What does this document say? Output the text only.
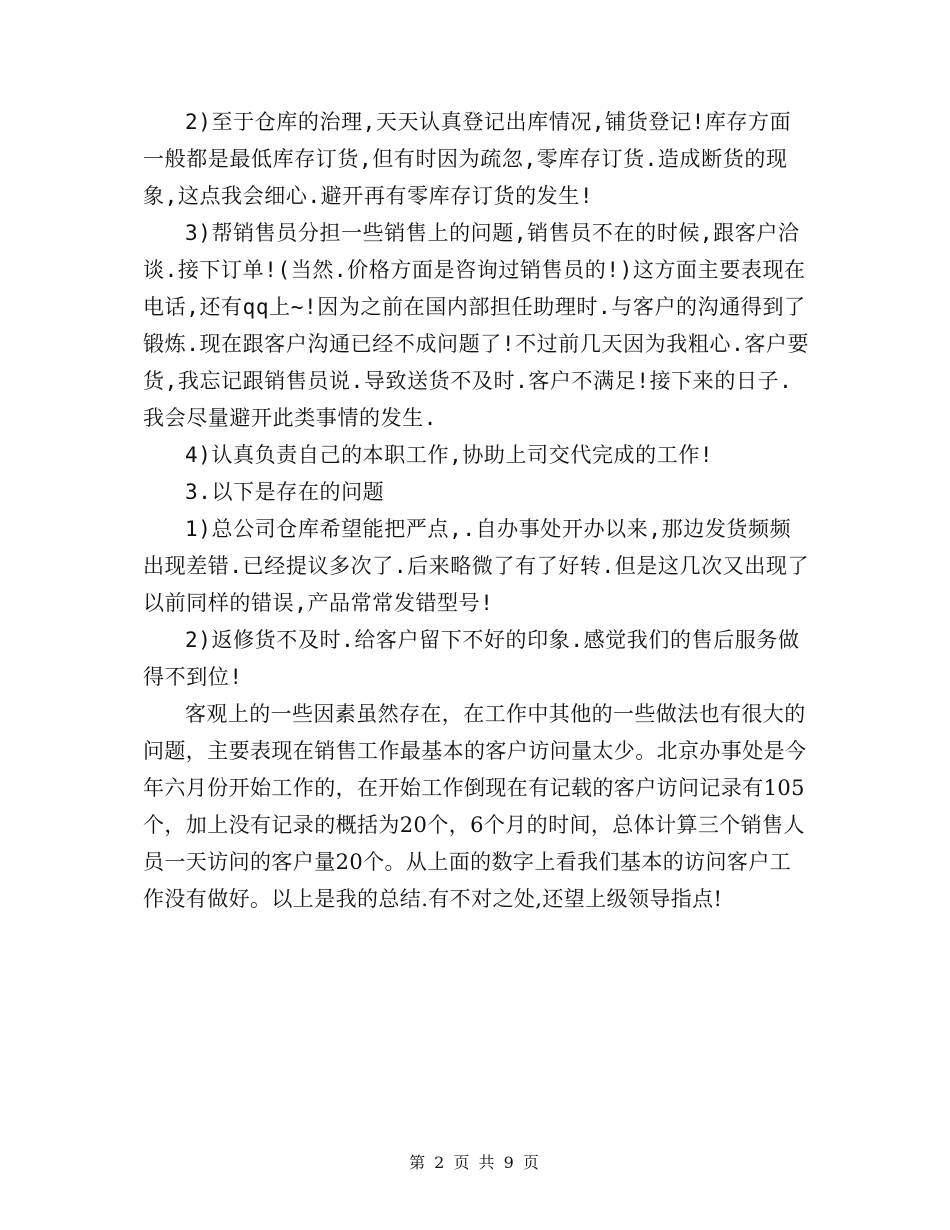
2)至于仓库的治理,天天认真登记出库情况,铺货登记!库存方面一般都是最低库存订货,但有时因为疏忽,零库存订货.造成断货的现象,这点我会细心.避开再有零库存订货的发生!

3)帮销售员分担一些销售上的问题,销售员不在的时候,跟客户洽谈.接下订单!(当然.价格方面是咨询过销售员的!)这方面主要表现在电话,还有qq上~!因为之前在国内部担任助理时.与客户的沟通得到了锻炼.现在跟客户沟通已经不成问题了!不过前几天因为我粗心.客户要货,我忘记跟销售员说.导致送货不及时.客户不满足!接下来的日子.我会尽量避开此类事情的发生.

4)认真负责自己的本职工作,协助上司交代完成的工作!

3.以下是存在的问题

1)总公司仓库希望能把严点,.自办事处开办以来,那边发货频频出现差错.已经提议多次了.后来略微了有了好转.但是这几次又出现了以前同样的错误,产品常常发错型号!

2)返修货不及时.给客户留下不好的印象.感觉我们的售后服务做得不到位!

客观上的一些因素虽然存在，在工作中其他的一些做法也有很大的问题，主要表现在销售工作最基本的客户访问量太少。北京办事处是今年六月份开始工作的，在开始工作倒现在有记载的客户访问记录有105个，加上没有记录的概括为20个，6个月的时间，总体计算三个销售人员一天访问的客户量20个。从上面的数字上看我们基本的访问客户工作没有做好。以上是我的总结.有不对之处,还望上级领导指点!

第 2 页 共 9 页
